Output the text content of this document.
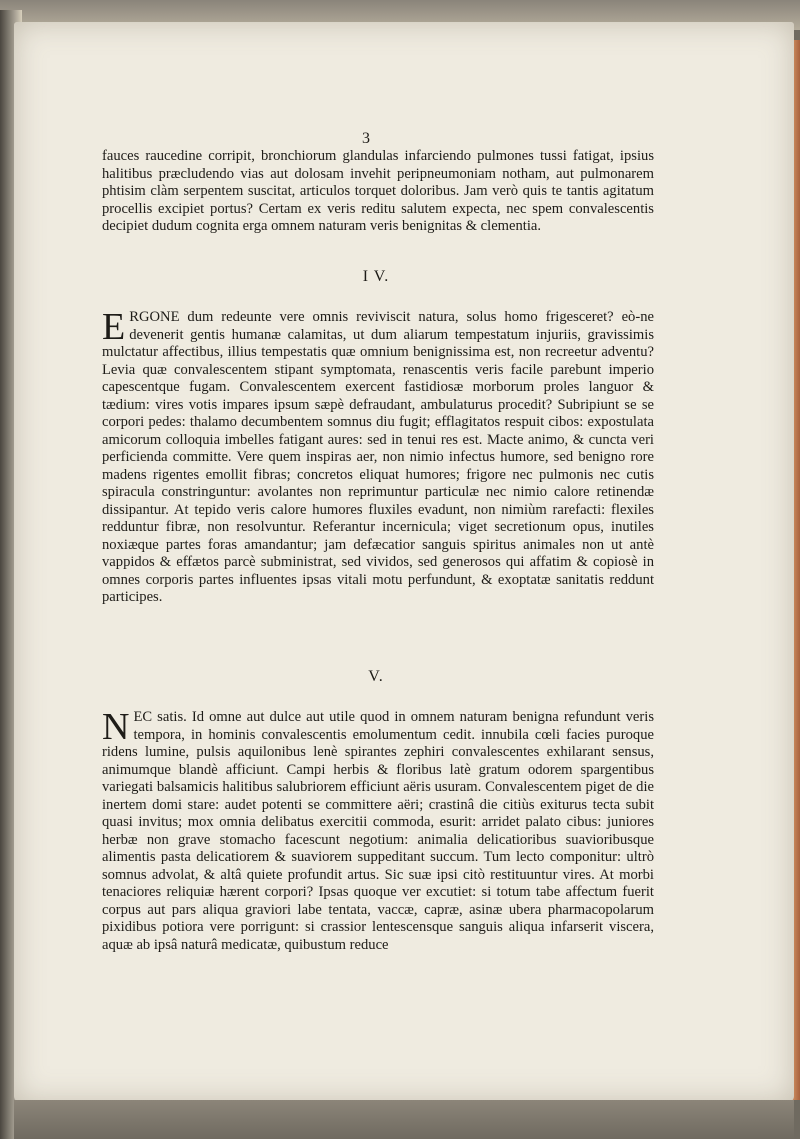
3

fauces raucedine corripit, bronchiorum glandulas infarciendo pulmones tussi fatigat, ipsius halitibus præcludendo vias aut dolosam invehit peripneumoniam notham, aut pulmonarem phtisim clàm serpentem suscitat, articulos torquet doloribus. Jam verò quis te tantis agitatum procellis excipiet portus? Certam ex veris reditu salutem expecta, nec spem convalescentis decipiet dudum cognita erga omnem naturam veris benignitas & clementia.

I V.

E RGONE dum redeunte vere omnis reviviscit natura, solus homo frigesceret? eò-ne devenerit gentis humanæ calamitas, ut dum aliarum tempestatum injuriis, gravissimis mulctatur affectibus, illius tempestatis quæ omnium benignissima est, non recreetur adventu? Levia quæ convalescentem stipant symptomata, renascentis veris facile parebunt imperio capescentque fugam. Convalescentem exercent fastidiosæ morborum proles languor & tædium: vires votis impares ipsum sæpè defraudant, ambulaturus procedit? Subripiunt se se corpori pedes: thalamo decumbentem somnus diu fugit; efflagitatos respuit cibos: expostulata amicorum colloquia imbelles fatigant aures: sed in tenui res est. Macte animo, & cuncta veri perficienda committe. Vere quem inspiras aer, non nimio infectus humore, sed benigno rore madens rigentes emollit fibras; concretos eliquat humores; frigore nec pulmonis nec cutis spiracula constringuntur: avolantes non reprimuntur particulæ nec nimio calore retinendæ dissipantur. At tepido veris calore humores fluxiles evadunt, non nimiùm rarefacti: flexiles redduntur fibræ, non resolvuntur. Referantur incernicula; viget secretionum opus, inutiles noxiæque partes foras amandantur; jam defæcatior sanguis spiritus animales non ut antè vappidos & effætos parcè subministrat, sed vividos, sed generosos qui affatim & copiosè in omnes corporis partes influentes ipsas vitali motu perfundunt, & exoptatæ sanitatis reddunt participes.

V.

N EC satis. Id omne aut dulce aut utile quod in omnem naturam benigna refundunt veris tempora, in hominis convalescentis emolumentum cedit. innubila cœli facies puroque ridens lumine, pulsis aquilonibus lenè spirantes zephiri convalescentes exhilarant sensus, animumque blandè afficiunt. Campi herbis & floribus latè gratum odorem spargentibus variegati balsamicis halitibus salubriorem efficiunt aëris usuram. Convalescentem piget de die inertem domi stare: audet potenti se committere aëri; crastinâ die citiùs exiturus tecta subit quasi invitus; mox omnia delibatus exercitii commoda, esurit: arridet palato cibus: juniores herbæ non grave stomacho facescunt negotium: animalia delicatioribus suavioribusque alimentis pasta delicatiorem & suaviorem suppeditant succum. Tum lecto componitur: ultrò somnus advolat, & altâ quiete profundit artus. Sic suæ ipsi citò restituuntur vires. At morbi tenaciores reliquiæ hærent corpori? Ipsas quoque ver excutiet: si totum tabe affectum fuerit corpus aut pars aliqua graviori labe tentata, vaccæ, capræ, asinæ ubera pharmacopolarum pixidibus potiora vere porrigunt: si crassior lentescensque sanguis aliqua infarserit viscera, aquæ ab ipsâ naturâ medicatæ, quibustum reduce
